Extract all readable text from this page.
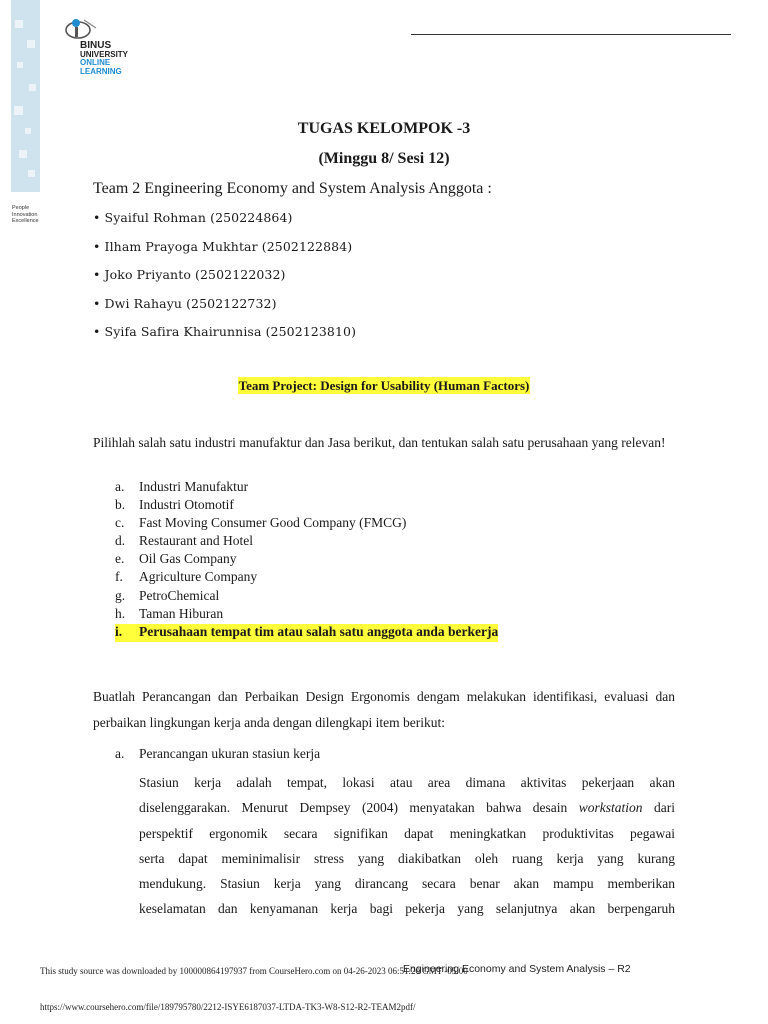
People
Innovation
Excellence
BINUS
UNIVERSITY
ONLINE
LEARNING
TUGAS KELOMPOK -3
(Minggu 8/ Sesi 12)
Team 2 Engineering Economy and System Analysis Anggota :
• Syaiful Rohman (250224864)
• Ilham Prayoga Mukhtar (2502122884)
• Joko Priyanto (2502122032)
• Dwi Rahayu (2502122732)
• Syifa Safira Khairunnisa (2502123810)
Team Project: Design for Usability (Human Factors)

Pilihlah salah satu industri manufaktur dan Jasa berikut, dan tentukan salah satu perusahaan yang relevan!

a.	Industri Manufaktur
b.	Industri Otomotif
c.	Fast Moving Consumer Good Company (FMCG)
d.	Restaurant and Hotel
e.	Oil Gas Company
f.	Agriculture Company
g.	PetroChemical
h.	Taman Hiburan
i.	Perusahaan tempat tim atau salah satu anggota anda berkerja

Buatlah Perancangan dan Perbaikan Design Ergonomis dengam melakukan identifikasi, evaluasi dan perbaikan lingkungan kerja anda dengan dilengkapi item berikut:

a.	Perancangan ukuran stasiun kerja
Stasiun kerja adalah tempat, lokasi atau area dimana aktivitas pekerjaan akan
diselenggarakan. Menurut Dempsey (2004) menyatakan bahwa desain workstation dari
perspektif ergonomik secara signifikan dapat meningkatkan produktivitas pegawai
serta dapat meminimalisir stress yang diakibatkan oleh ruang kerja yang kurang
mendukung. Stasiun kerja yang dirancang secara benar akan mampu memberikan
keselamatan dan kenyamanan kerja bagi pekerja yang selanjutnya akan berpengaruh
This study source was downloaded by 100000864197937 from CourseHero.com on 04-26-2023 06:51:20 GMT -05:00
Engineering Economy and System Analysis – R2
https://www.coursehero.com/file/189795780/2212-ISYE6187037-LTDA-TK3-W8-S12-R2-TEAM2pdf/
